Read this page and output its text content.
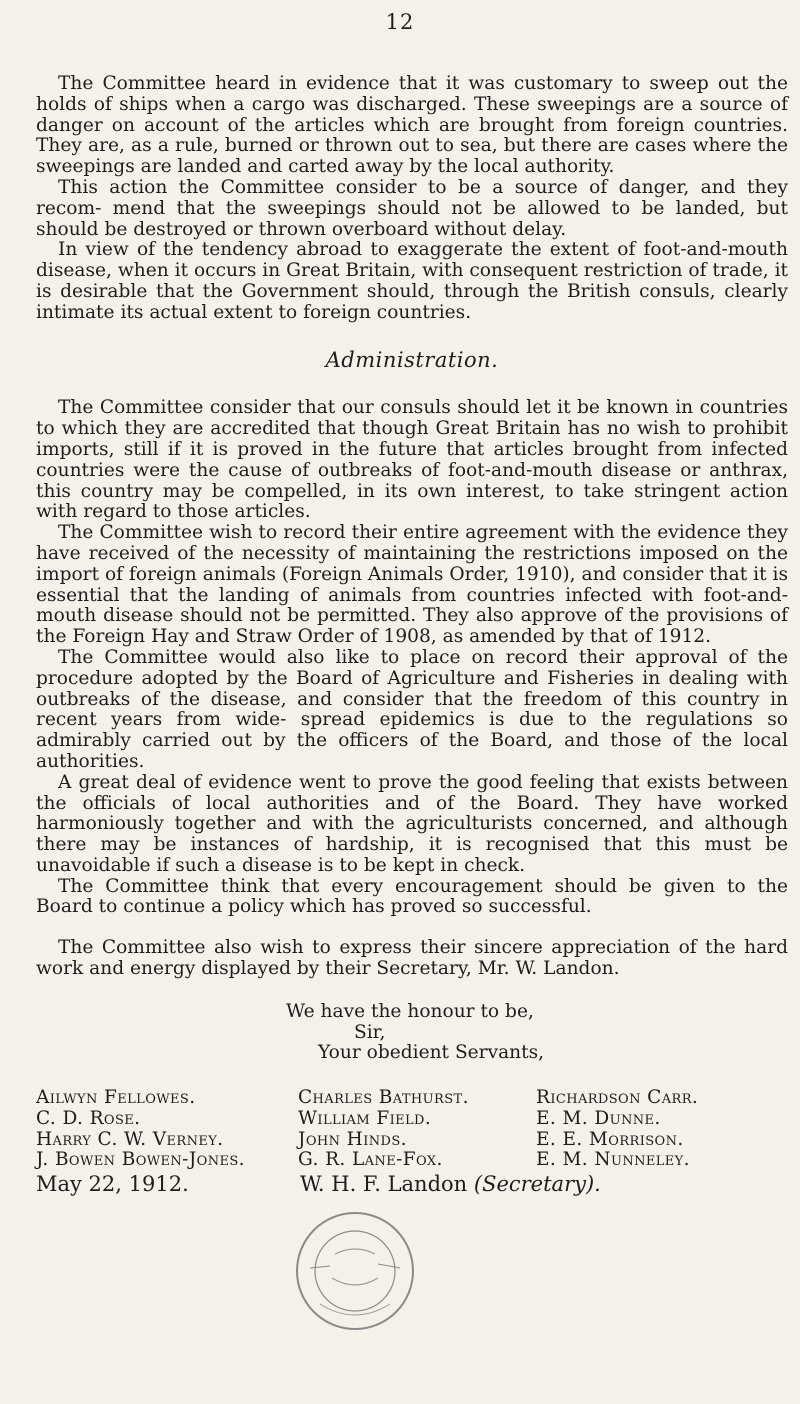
12

The Committee heard in evidence that it was customary to sweep out the holds of ships when a cargo was discharged. These sweepings are a source of danger on account of the articles which are brought from foreign countries. They are, as a rule, burned or thrown out to sea, but there are cases where the sweepings are landed and carted away by the local authority.

This action the Committee consider to be a source of danger, and they recom- mend that the sweepings should not be allowed to be landed, but should be destroyed or thrown overboard without delay.

In view of the tendency abroad to exaggerate the extent of foot-and-mouth disease, when it occurs in Great Britain, with consequent restriction of trade, it is desirable that the Government should, through the British consuls, clearly intimate its actual extent to foreign countries.

Administration.

The Committee consider that our consuls should let it be known in countries to which they are accredited that though Great Britain has no wish to prohibit imports, still if it is proved in the future that articles brought from infected countries were the cause of outbreaks of foot-and-mouth disease or anthrax, this country may be compelled, in its own interest, to take stringent action with regard to those articles.

The Committee wish to record their entire agreement with the evidence they have received of the necessity of maintaining the restrictions imposed on the import of foreign animals (Foreign Animals Order, 1910), and consider that it is essential that the landing of animals from countries infected with foot-and-mouth disease should not be permitted. They also approve of the provisions of the Foreign Hay and Straw Order of 1908, as amended by that of 1912.

The Committee would also like to place on record their approval of the procedure adopted by the Board of Agriculture and Fisheries in dealing with outbreaks of the disease, and consider that the freedom of this country in recent years from wide- spread epidemics is due to the regulations so admirably carried out by the officers of the Board, and those of the local authorities.

A great deal of evidence went to prove the good feeling that exists between the officials of local authorities and of the Board. They have worked harmoniously together and with the agriculturists concerned, and although there may be instances of hardship, it is recognised that this must be unavoidable if such a disease is to be kept in check.

The Committee think that every encouragement should be given to the Board to continue a policy which has proved so successful.

The Committee also wish to express their sincere appreciation of the hard work and energy displayed by their Secretary, Mr. W. Landon.

We have the honour to be,

Sir,

Your obedient Servants,

Ailwyn Fellowes.	Charles Bathurst.	Richardson Carr.
C. D. Rose.	William Field.	E. M. Dunne.
Harry C. W. Verney.	John Hinds.	E. E. Morrison.
J. Bowen Bowen-Jones.	G. R. Lane-Fox.	E. M. Nunneley.
May 22, 1912.	W. H. F. Landon (Secretary).
